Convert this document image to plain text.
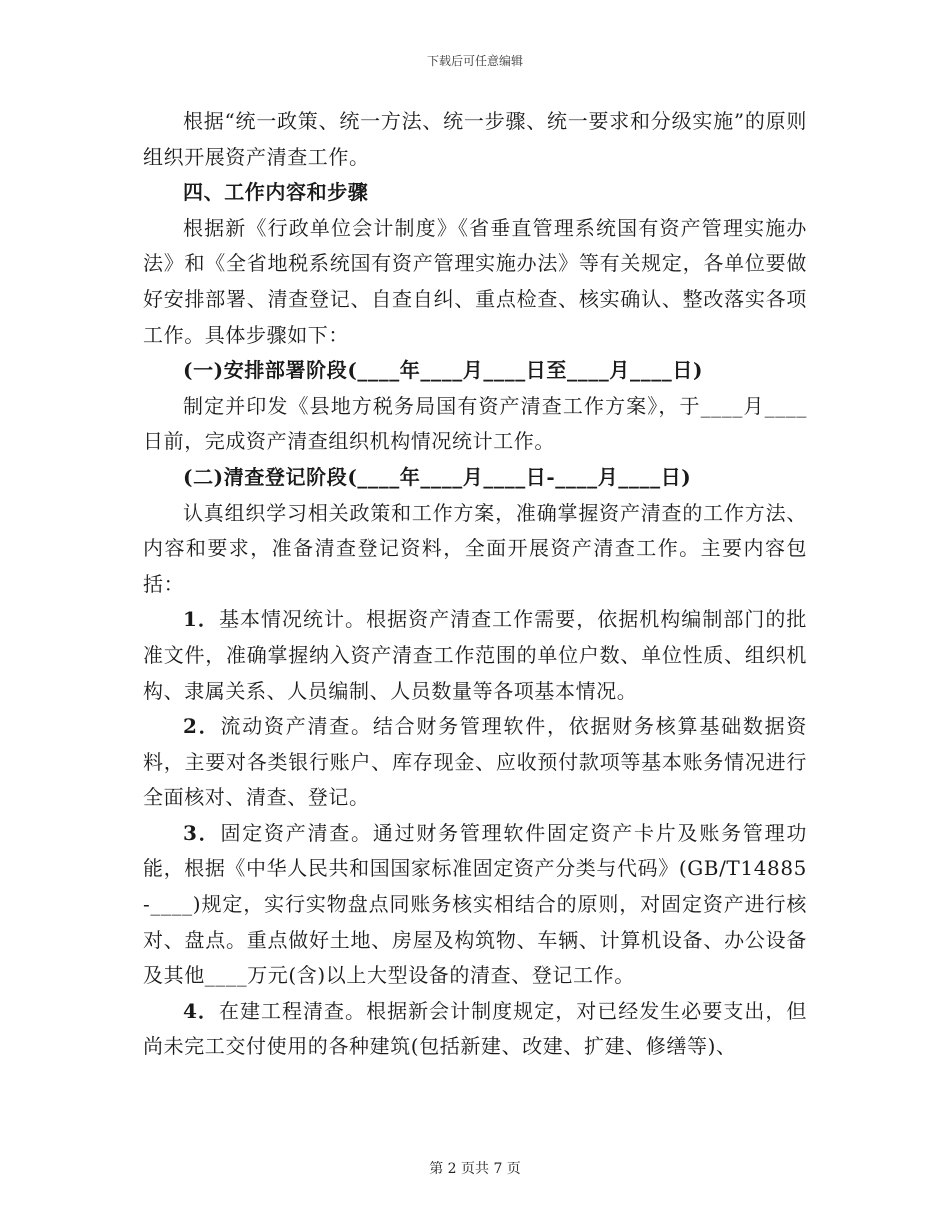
下载后可任意编辑

根据“统一政策、统一方法、统一步骤、统一要求和分级实施”的原则组织开展资产清查工作。

四、工作内容和步骤

根据新《行政单位会计制度》《省垂直管理系统国有资产管理实施办法》和《全省地税系统国有资产管理实施办法》等有关规定，各单位要做好安排部署、清查登记、自查自纠、重点检查、核实确认、整改落实各项工作。具体步骤如下：

(一)安排部署阶段(____年____月____日至____月____日)

制定并印发《县地方税务局国有资产清查工作方案》，于____月____日前，完成资产清查组织机构情况统计工作。

(二)清查登记阶段(____年____月____日-____月____日)

认真组织学习相关政策和工作方案，准确掌握资产清查的工作方法、内容和要求，准备清查登记资料，全面开展资产清查工作。主要内容包括：

1．基本情况统计。根据资产清查工作需要，依据机构编制部门的批准文件，准确掌握纳入资产清查工作范围的单位户数、单位性质、组织机构、隶属关系、人员编制、人员数量等各项基本情况。

2．流动资产清查。结合财务管理软件，依据财务核算基础数据资料，主要对各类银行账户、库存现金、应收预付款项等基本账务情况进行全面核对、清查、登记。

3．固定资产清查。通过财务管理软件固定资产卡片及账务管理功能，根据《中华人民共和国国家标准固定资产分类与代码》(GB/T14885-____)规定，实行实物盘点同账务核实相结合的原则，对固定资产进行核对、盘点。重点做好土地、房屋及构筑物、车辆、计算机设备、办公设备及其他____万元(含)以上大型设备的清查、登记工作。

4．在建工程清查。根据新会计制度规定，对已经发生必要支出，但尚未完工交付使用的各种建筑(包括新建、改建、扩建、修缮等)、

第 2 页共 7 页
